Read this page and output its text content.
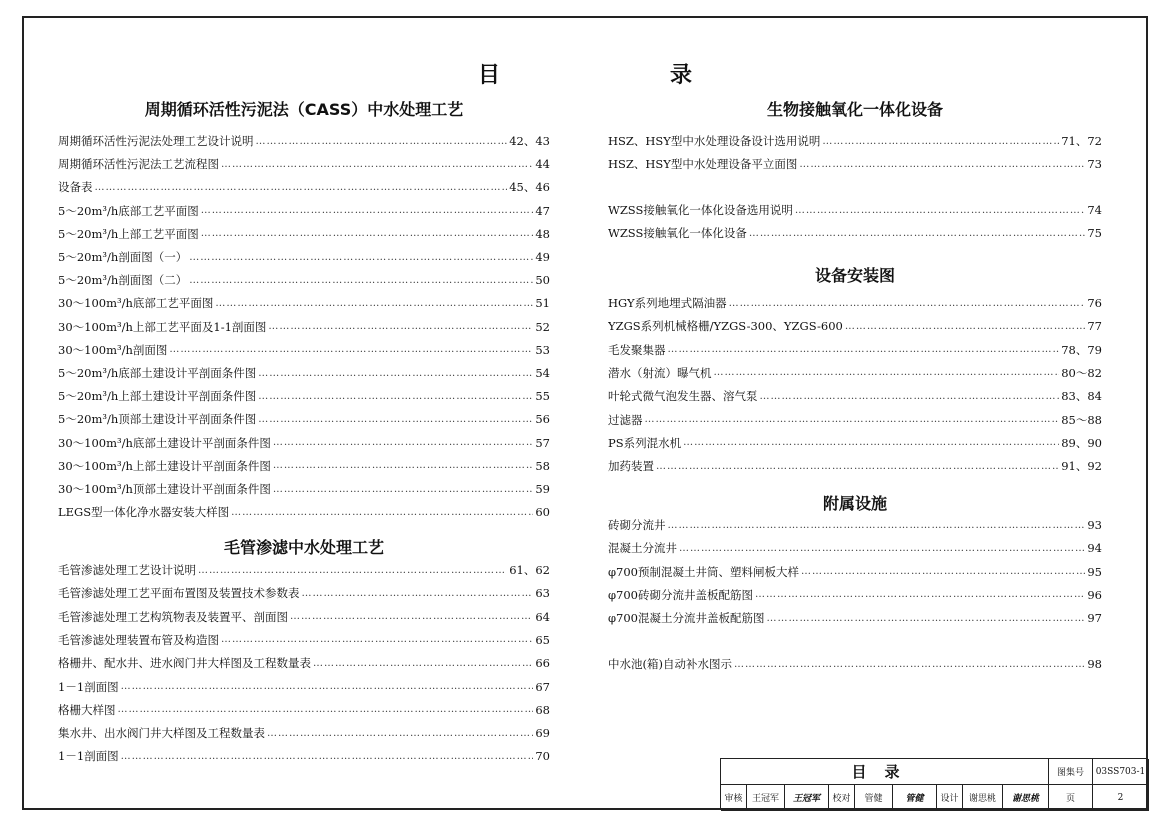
目	录
周期循环活性污泥法（CASS）中水处理工艺
周期循环活性污泥法处理工艺设计说明 ………………………………………………………………………………………………………………………………………………………………	42、43
周期循环活性污泥法工艺流程图 ………………………………………………………………………………………………………………………………………………………………	44
设备表 ………………………………………………………………………………………………………………………………………………………………	45、46
5～20m³/h底部工艺平面图 ………………………………………………………………………………………………………………………………………………………………	47
5～20m³/h上部工艺平面图 ………………………………………………………………………………………………………………………………………………………………	48
5～20m³/h剖面图（一） ………………………………………………………………………………………………………………………………………………………………	49
5～20m³/h剖面图（二） ………………………………………………………………………………………………………………………………………………………………	50
30～100m³/h底部工艺平面图 ………………………………………………………………………………………………………………………………………………………………	51
30～100m³/h上部工艺平面及1-1剖面图 ………………………………………………………………………………………………………………………………………………………………	52
30～100m³/h剖面图 ………………………………………………………………………………………………………………………………………………………………	53
5～20m³/h底部土建设计平剖面条件图 ………………………………………………………………………………………………………………………………………………………………	54
5～20m³/h上部土建设计平剖面条件图 ………………………………………………………………………………………………………………………………………………………………	55
5～20m³/h顶部土建设计平剖面条件图 ………………………………………………………………………………………………………………………………………………………………	56
30～100m³/h底部土建设计平剖面条件图 ………………………………………………………………………………………………………………………………………………………………	57
30～100m³/h上部土建设计平剖面条件图 ………………………………………………………………………………………………………………………………………………………………	58
30～100m³/h顶部土建设计平剖面条件图 ………………………………………………………………………………………………………………………………………………………………	59
LEGS型一体化净水器安装大样图 ………………………………………………………………………………………………………………………………………………………………	60
毛管渗滤中水处理工艺
毛管渗滤处理工艺设计说明 ………………………………………………………………………………………………………………………………………………………………	61、62
毛管渗滤处理工艺平面布置图及装置技术参数表 ………………………………………………………………………………………………………………………………………………………………	63
毛管渗滤处理工艺构筑物表及装置平、剖面图 ………………………………………………………………………………………………………………………………………………………………	64
毛管渗滤处理装置布管及构造图 ………………………………………………………………………………………………………………………………………………………………	65
格栅井、配水井、进水阀门井大样图及工程数量表 ………………………………………………………………………………………………………………………………………………………………	66
1－1剖面图 ………………………………………………………………………………………………………………………………………………………………	67
格栅大样图 ………………………………………………………………………………………………………………………………………………………………	68
集水井、出水阀门井大样图及工程数量表 ………………………………………………………………………………………………………………………………………………………………	69
1－1剖面图 ………………………………………………………………………………………………………………………………………………………………	70
生物接触氧化一体化设备
HSZ、HSY型中水处理设备设计选用说明 ………………………………………………………………………………………………………………………………………………………………	71、72
HSZ、HSY型中水处理设备平立面图 ………………………………………………………………………………………………………………………………………………………………	73
WZSS接触氧化一体化设备选用说明 ………………………………………………………………………………………………………………………………………………………………	74
WZSS接触氧化一体化设备 ………………………………………………………………………………………………………………………………………………………………	75
设备安装图
HGY系列地埋式隔油器 ………………………………………………………………………………………………………………………………………………………………	76
YZGS系列机械格栅/YZGS-300、YZGS-600 ………………………………………………………………………………………………………………………………………………………………	77
毛发聚集器 ………………………………………………………………………………………………………………………………………………………………	78、79
潜水（射流）曝气机 ………………………………………………………………………………………………………………………………………………………………	80～82
叶轮式微气泡发生器、溶气泵 ………………………………………………………………………………………………………………………………………………………………	83、84
过滤器 ………………………………………………………………………………………………………………………………………………………………	85～88
PS系列混水机 ………………………………………………………………………………………………………………………………………………………………	89、90
加药装置 ………………………………………………………………………………………………………………………………………………………………	91、92
附属设施
砖砌分流井 ………………………………………………………………………………………………………………………………………………………………	93
混凝土分流井 ………………………………………………………………………………………………………………………………………………………………	94
φ700预制混凝土井筒、塑料闸板大样 ………………………………………………………………………………………………………………………………………………………………	95
φ700砖砌分流井盖板配筋图 ………………………………………………………………………………………………………………………………………………………………	96
φ700混凝土分流井盖板配筋图 ………………………………………………………………………………………………………………………………………………………………	97
中水池(箱)自动补水图示 ………………………………………………………………………………………………………………………………………………………………	98
目录	图集号	03SS703-1
审核	王冠军	王冠军	校对	管健	管健	设计	谢思桃	谢思桃	页	2
